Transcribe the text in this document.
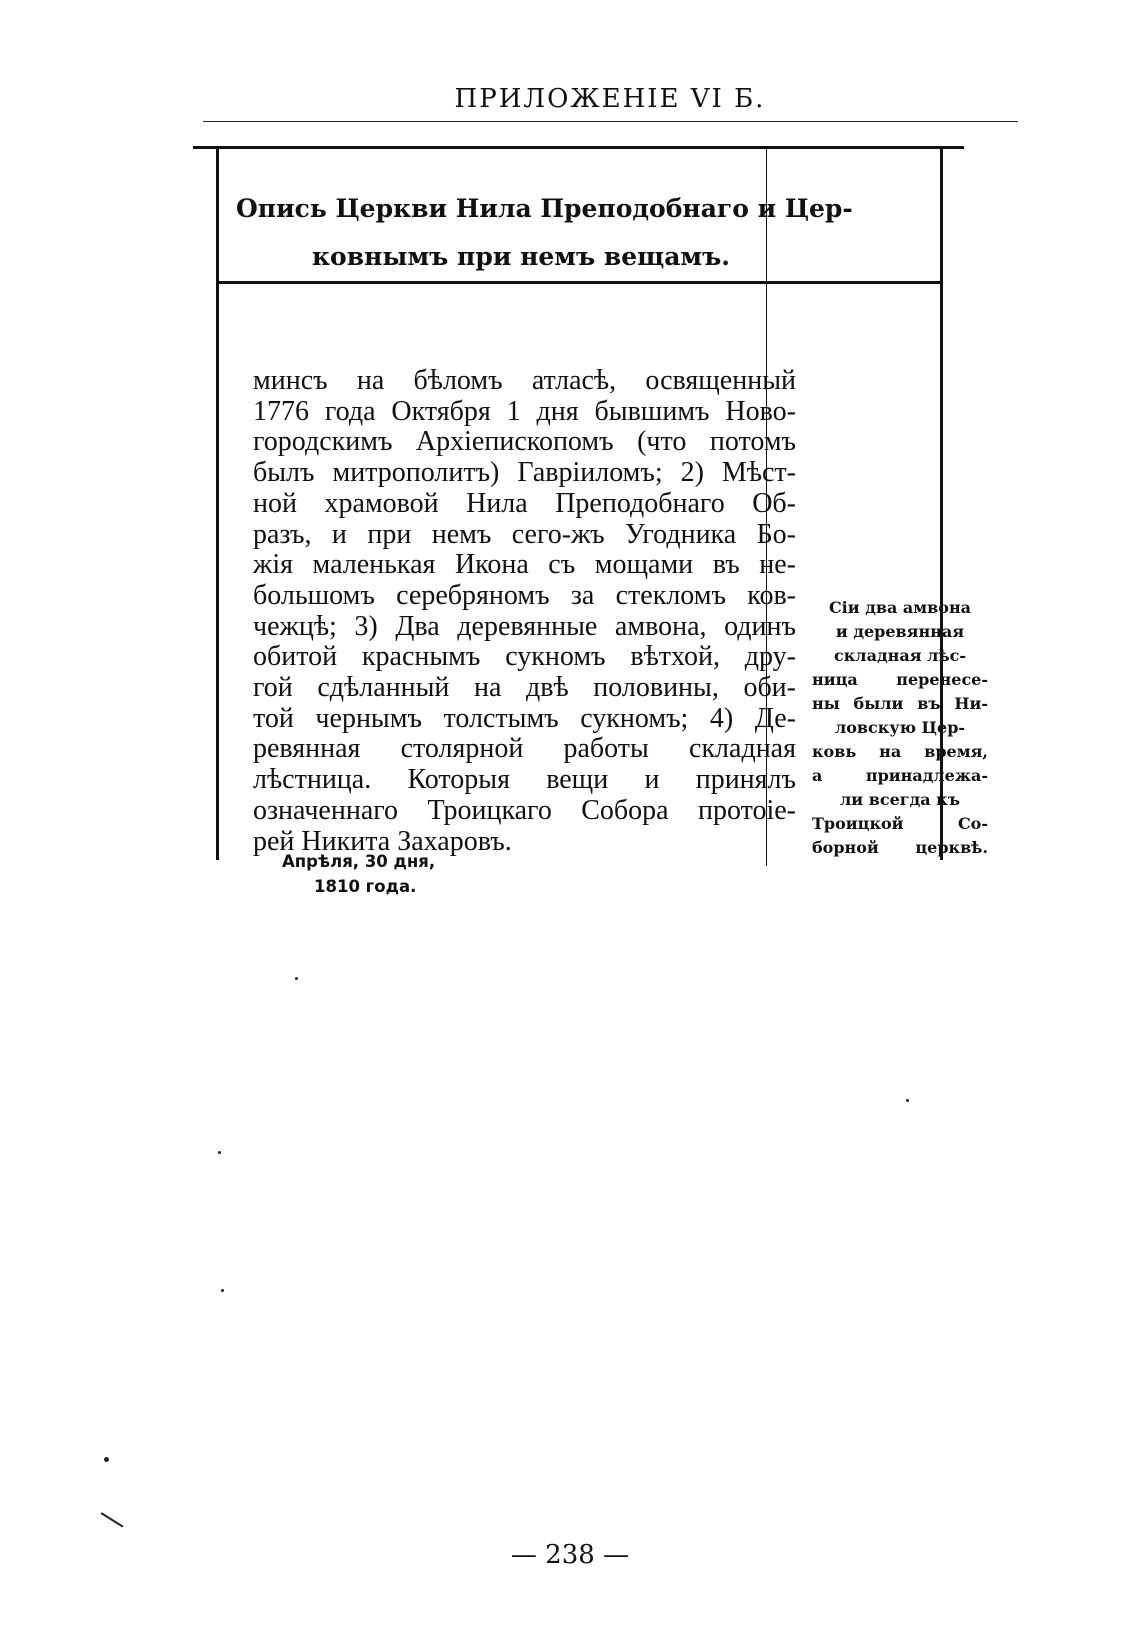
ПРИЛОЖЕНІЕ VI Б.
Опись Церкви Нила Преподобнаго и Цер-
ковнымъ при немъ вещамъ.
минсъ на бѣломъ атласѣ, освященный
1776 года Октября 1 дня бывшимъ Ново-
городскимъ Архіепископомъ (что потомъ
былъ митрополитъ) Гавріиломъ; 2) Мѣст-
ной храмовой Нила Преподобнаго Об-
разъ, и при немъ сего-жъ Угодника Бо-
жія маленькая Икона съ мощами въ не-
большомъ серебряномъ за стекломъ ков-
чежцѣ; 3) Два деревянные амвона, одинъ
обитой краснымъ сукномъ вѣтхой, дру-
гой сдѣланный на двѣ половины, оби-
той чернымъ толстымъ сукномъ; 4) Де-
ревянная столярной работы складная
лѣстница. Которыя вещи и принялъ
означеннаго Троицкаго Собора протоіе-
рей Никита Захаровъ.
Апрѣля, 30 дня,
1810 года.
Сіи два амвона
и деревянная
складная лѣс-
ница перенесе-
ны были въ Ни-
ловскую Цер-
ковь на время,
а принадлежа-
ли всегда къ
Троицкой Со-
борной церквѣ.
— 238 —
